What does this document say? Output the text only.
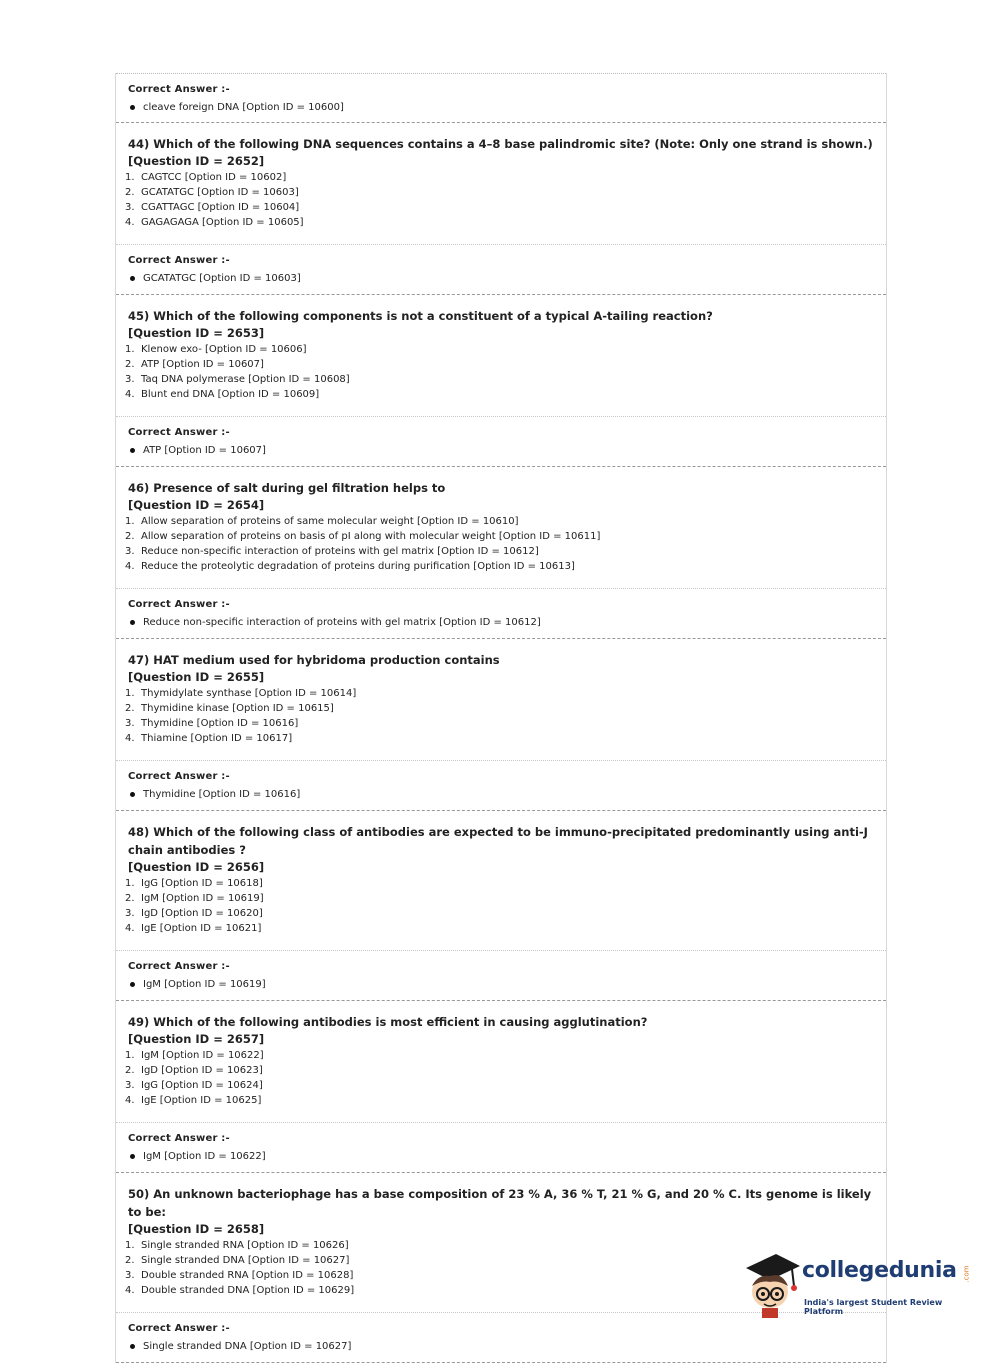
Correct Answer :-
cleave foreign DNA [Option ID = 10600]
44) Which of the following DNA sequences contains a 4–8 base palindromic site? (Note: Only one strand is shown.)
[Question ID = 2652]
1. CAGTCC [Option ID = 10602]
2. GCATATGC [Option ID = 10603]
3. CGATTAGC [Option ID = 10604]
4. GAGAGAGA [Option ID = 10605]
Correct Answer :-
GCATATGC [Option ID = 10603]
45) Which of the following components is not a constituent of a typical A-tailing reaction?
[Question ID = 2653]
1. Klenow exo- [Option ID = 10606]
2. ATP [Option ID = 10607]
3. Taq DNA polymerase [Option ID = 10608]
4. Blunt end DNA [Option ID = 10609]
Correct Answer :-
ATP [Option ID = 10607]
46) Presence of salt during gel filtration helps to
[Question ID = 2654]
1. Allow separation of proteins of same molecular weight [Option ID = 10610]
2. Allow separation of proteins on basis of pI along with molecular weight [Option ID = 10611]
3. Reduce non-specific interaction of proteins with gel matrix [Option ID = 10612]
4. Reduce the proteolytic degradation of proteins during purification [Option ID = 10613]
Correct Answer :-
Reduce non-specific interaction of proteins with gel matrix [Option ID = 10612]
47) HAT medium used for hybridoma production contains
[Question ID = 2655]
1. Thymidylate synthase [Option ID = 10614]
2. Thymidine kinase [Option ID = 10615]
3. Thymidine [Option ID = 10616]
4. Thiamine [Option ID = 10617]
Correct Answer :-
Thymidine [Option ID = 10616]
48) Which of the following class of antibodies are expected to be immuno-precipitated predominantly using anti-J chain antibodies ?
[Question ID = 2656]
1. IgG [Option ID = 10618]
2. IgM [Option ID = 10619]
3. IgD [Option ID = 10620]
4. IgE [Option ID = 10621]
Correct Answer :-
IgM [Option ID = 10619]
49) Which of the following antibodies is most efficient in causing agglutination?
[Question ID = 2657]
1. IgM [Option ID = 10622]
2. IgD [Option ID = 10623]
3. IgG [Option ID = 10624]
4. IgE [Option ID = 10625]
Correct Answer :-
IgM [Option ID = 10622]
50) An unknown bacteriophage has a base composition of 23 % A, 36 % T, 21 % G, and 20 % C. Its genome is likely to be:
[Question ID = 2658]
1. Single stranded RNA [Option ID = 10626]
2. Single stranded DNA [Option ID = 10627]
3. Double stranded RNA [Option ID = 10628]
4. Double stranded DNA [Option ID = 10629]
Correct Answer :-
Single stranded DNA [Option ID = 10627]
collegedunia .com
India's largest Student Review Platform
